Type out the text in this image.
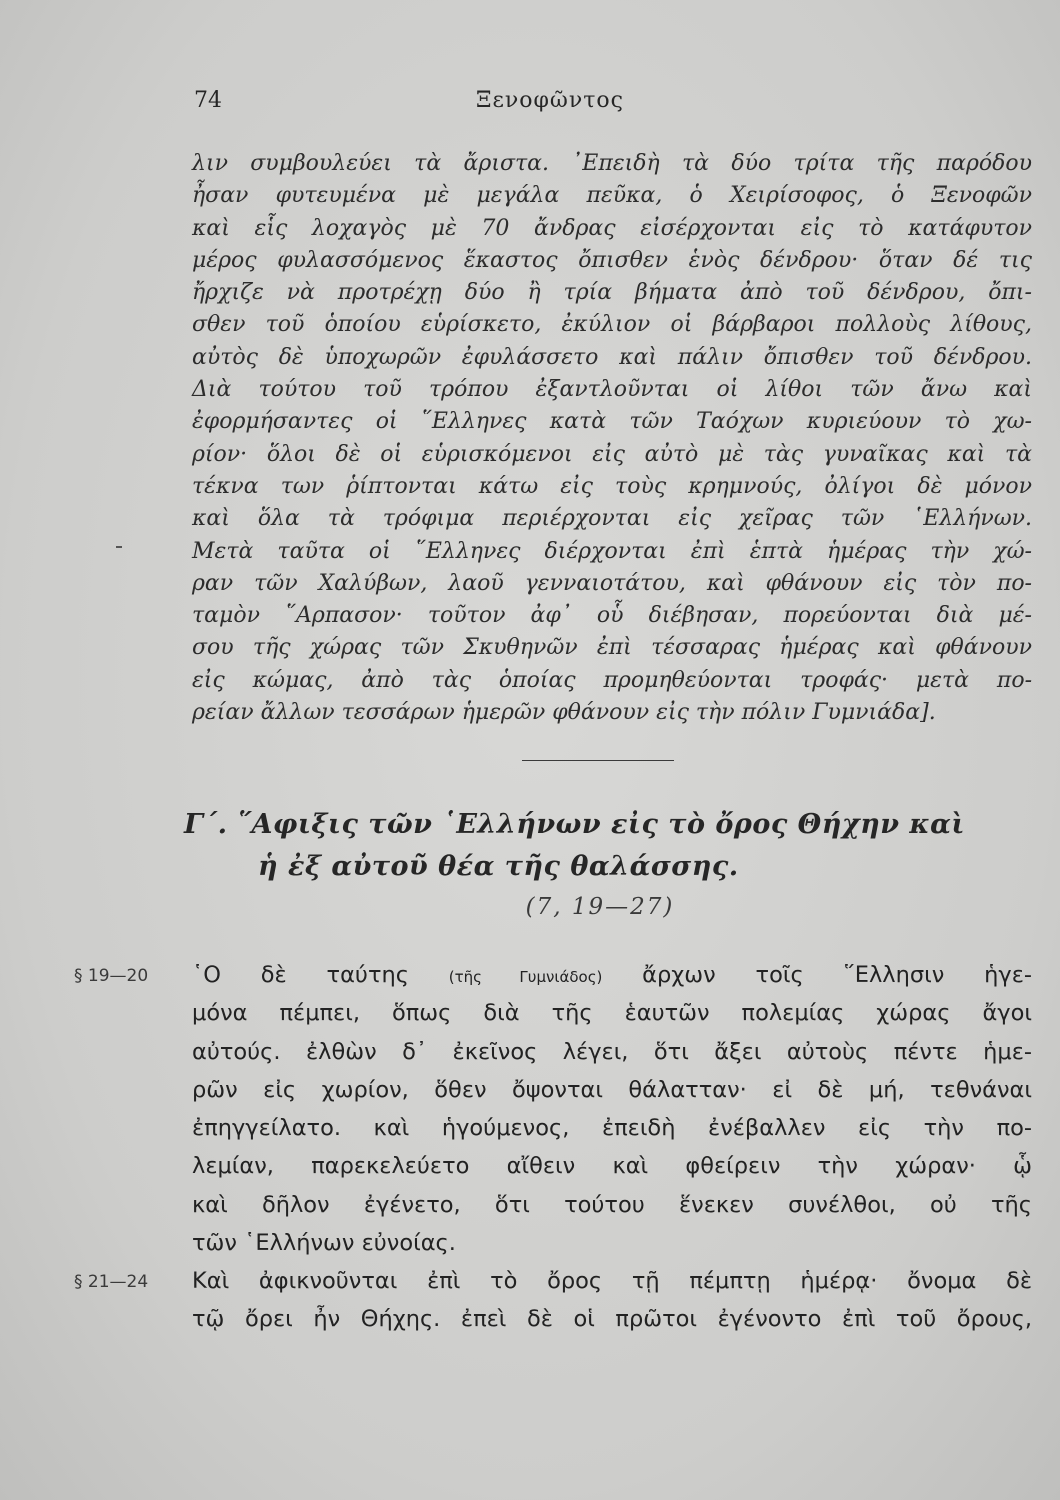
74	Ξενοφῶντος
λιν συμβουλεύει τὰ ἄριστα. ᾿Επειδὴ τὰ δύο τρίτα τῆς παρόδου
ἦσαν φυτευμένα μὲ μεγάλα πεῦκα, ὁ Χειρίσοφος, ὁ Ξενοφῶν
καὶ εἷς λοχαγὸς μὲ 70 ἄνδρας εἰσέρχονται εἰς τὸ κατάφυτον
μέρος φυλασσόμενος ἕκαστος ὄπισθεν ἑνὸς δένδρου· ὅταν δέ τις
ἤρχιζε νὰ προτρέχῃ δύο ἢ τρία βήματα ἀπὸ τοῦ δένδρου, ὄπι-
σθεν τοῦ ὁποίου εὑρίσκετο, ἐκύλιον οἱ βάρβαροι πολλοὺς λίθους,
αὐτὸς δὲ ὑποχωρῶν ἐφυλάσσετο καὶ πάλιν ὄπισθεν τοῦ δένδρου.
Διὰ τούτου τοῦ τρόπου ἐξαντλοῦνται οἱ λίθοι τῶν ἄνω καὶ
ἐφορμήσαντες οἱ ῞Ελληνες κατὰ τῶν Ταόχων κυριεύουν τὸ χω-
ρίον· ὅλοι δὲ οἱ εὑρισκόμενοι εἰς αὐτὸ μὲ τὰς γυναῖκας καὶ τὰ
τέκνα των ῥίπτονται κάτω εἰς τοὺς κρημνούς, ὀλίγοι δὲ μόνον
καὶ ὅλα τὰ τρόφιμα περιέρχονται εἰς χεῖρας τῶν ῾Ελλήνων.
Μετὰ ταῦτα οἱ ῞Ελληνες διέρχονται ἐπὶ ἑπτὰ ἡμέρας τὴν χώ-
ραν τῶν Χαλύβων, λαοῦ γενναιοτάτου, καὶ φθάνουν εἰς τὸν πο-
ταμὸν ῞Αρπασον· τοῦτον ἀφ᾿ οὗ διέβησαν, πορεύονται διὰ μέ-
σου τῆς χώρας τῶν Σκυθηνῶν ἐπὶ τέσσαρας ἡμέρας καὶ φθάνουν
εἰς κώμας, ἀπὸ τὰς ὁποίας προμηθεύονται τροφάς· μετὰ πο-
ρείαν ἄλλων τεσσάρων ἡμερῶν φθάνουν εἰς τὴν πόλιν Γυμνιάδα].
Γ΄. ῞Αφιξις τῶν ῾Ελλήνων εἰς τὸ ὄρος Θήχην καὶ
ἡ ἐξ αὐτοῦ θέα τῆς θαλάσσης.
(7, 19—27)
§ 19—20 ῾Ο δὲ ταύτης (τῆς Γυμνιάδος) ἄρχων τοῖς ῞Ελλησιν ἡγε-
μόνα πέμπει, ὅπως διὰ τῆς ἑαυτῶν πολεμίας χώρας ἄγοι
αὐτούς. ἐλθὼν δ᾿ ἐκεῖνος λέγει, ὅτι ἄξει αὐτοὺς πέντε ἡμε-
ρῶν εἰς χωρίον, ὅθεν ὄψονται θάλατταν· εἰ δὲ μή, τεθνάναι
ἐπηγγείλατο. καὶ ἡγούμενος, ἐπειδὴ ἐνέβαλλεν εἰς τὴν πο-
λεμίαν, παρεκελεύετο αἴθειν καὶ φθείρειν τὴν χώραν· ᾧ
καὶ δῆλον ἐγένετο, ὅτι τούτου ἕνεκεν συνέλθοι, οὐ τῆς
τῶν ῾Ελλήνων εὐνοίας.
§ 21—24 Καὶ ἀφικνοῦνται ἐπὶ τὸ ὄρος τῇ πέμπτῃ ἡμέρᾳ· ὄνομα δὲ
τῷ ὄρει ἦν Θήχης. ἐπεὶ δὲ οἱ πρῶτοι ἐγένοντο ἐπὶ τοῦ ὄρους,
